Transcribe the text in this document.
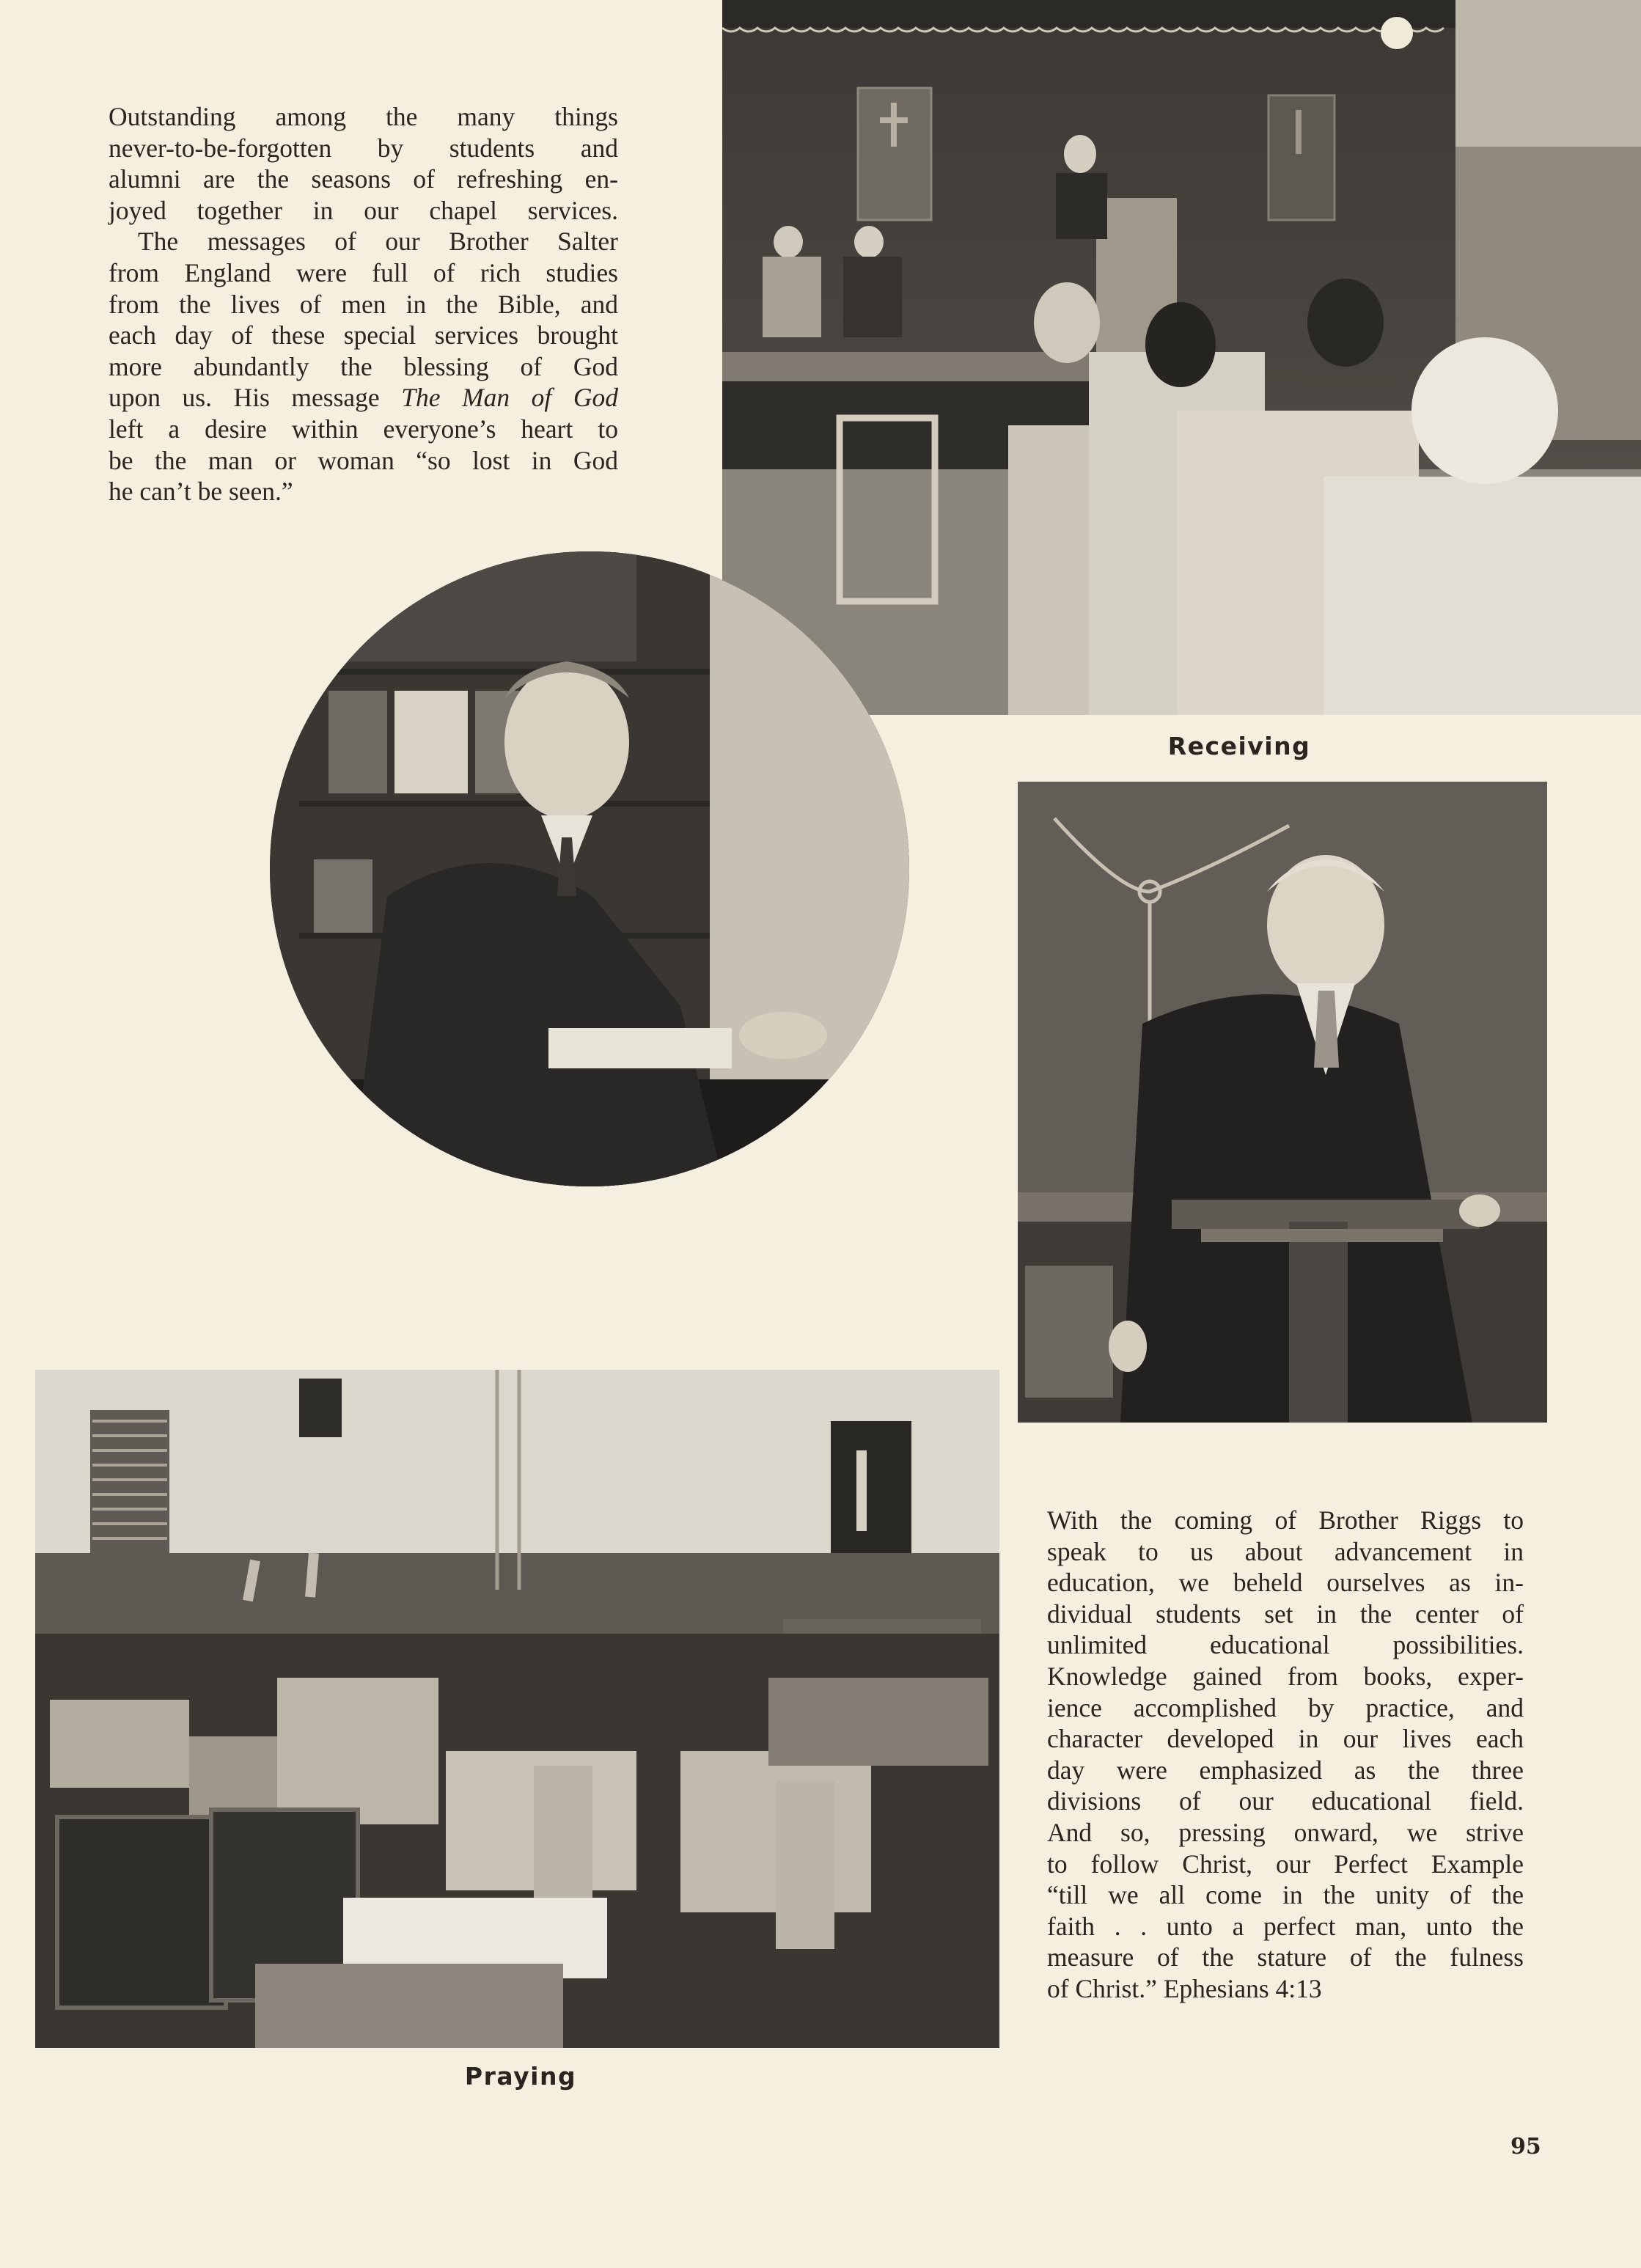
Outstanding among the many things
never-to-be-forgotten by students and
alumni are the seasons of refreshing en-
joyed together in our chapel services.
The messages of our Brother Salter
from England were full of rich studies
from the lives of men in the Bible, and
each day of these special services brought
more abundantly the blessing of God
upon us. His message The Man of God
left a desire within everyone’s heart to
be the man or woman “so lost in God
he can’t be seen.”
Receiving
Praying
With the coming of Brother Riggs to
speak to us about advancement in
education, we beheld ourselves as in-
dividual students set in the center of
unlimited educational possibilities.
Knowledge gained from books, exper-
ience accomplished by practice, and
character developed in our lives each
day were emphasized as the three
divisions of our educational field.
And so, pressing onward, we strive
to follow Christ, our Perfect Example
“till we all come in the unity of the
faith . . unto a perfect man, unto the
measure of the stature of the fulness
of Christ.” Ephesians 4:13
95
